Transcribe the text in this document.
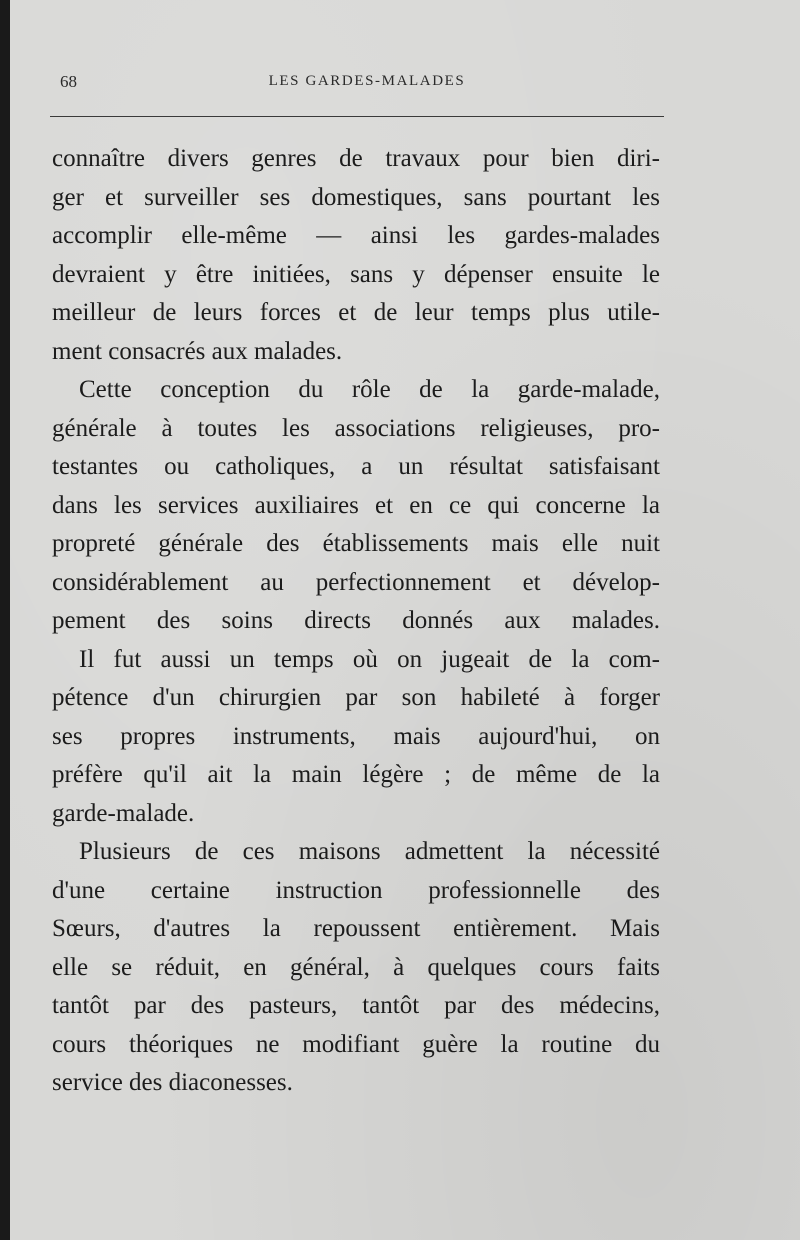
68	LES GARDES-MALADES

connaître divers genres de travaux pour bien diri-
ger et surveiller ses domestiques, sans pourtant les
accomplir elle-même — ainsi les gardes-malades
devraient y être initiées, sans y dépenser ensuite le
meilleur de leurs forces et de leur temps plus utile-
ment consacrés aux malades.

Cette conception du rôle de la garde-malade,
générale à toutes les associations religieuses, pro-
testantes ou catholiques, a un résultat satisfaisant
dans les services auxiliaires et en ce qui concerne la
propreté générale des établissements mais elle nuit
considérablement au perfectionnement et dévelop-
pement des soins directs donnés aux malades.

Il fut aussi un temps où on jugeait de la com-
pétence d'un chirurgien par son habileté à forger
ses propres instruments, mais aujourd'hui, on
préfère qu'il ait la main légère ; de même de la
garde-malade.

Plusieurs de ces maisons admettent la nécessité
d'une certaine instruction professionnelle des
Sœurs, d'autres la repoussent entièrement. Mais
elle se réduit, en général, à quelques cours faits
tantôt par des pasteurs, tantôt par des médecins,
cours théoriques ne modifiant guère la routine du
service des diaconesses.
